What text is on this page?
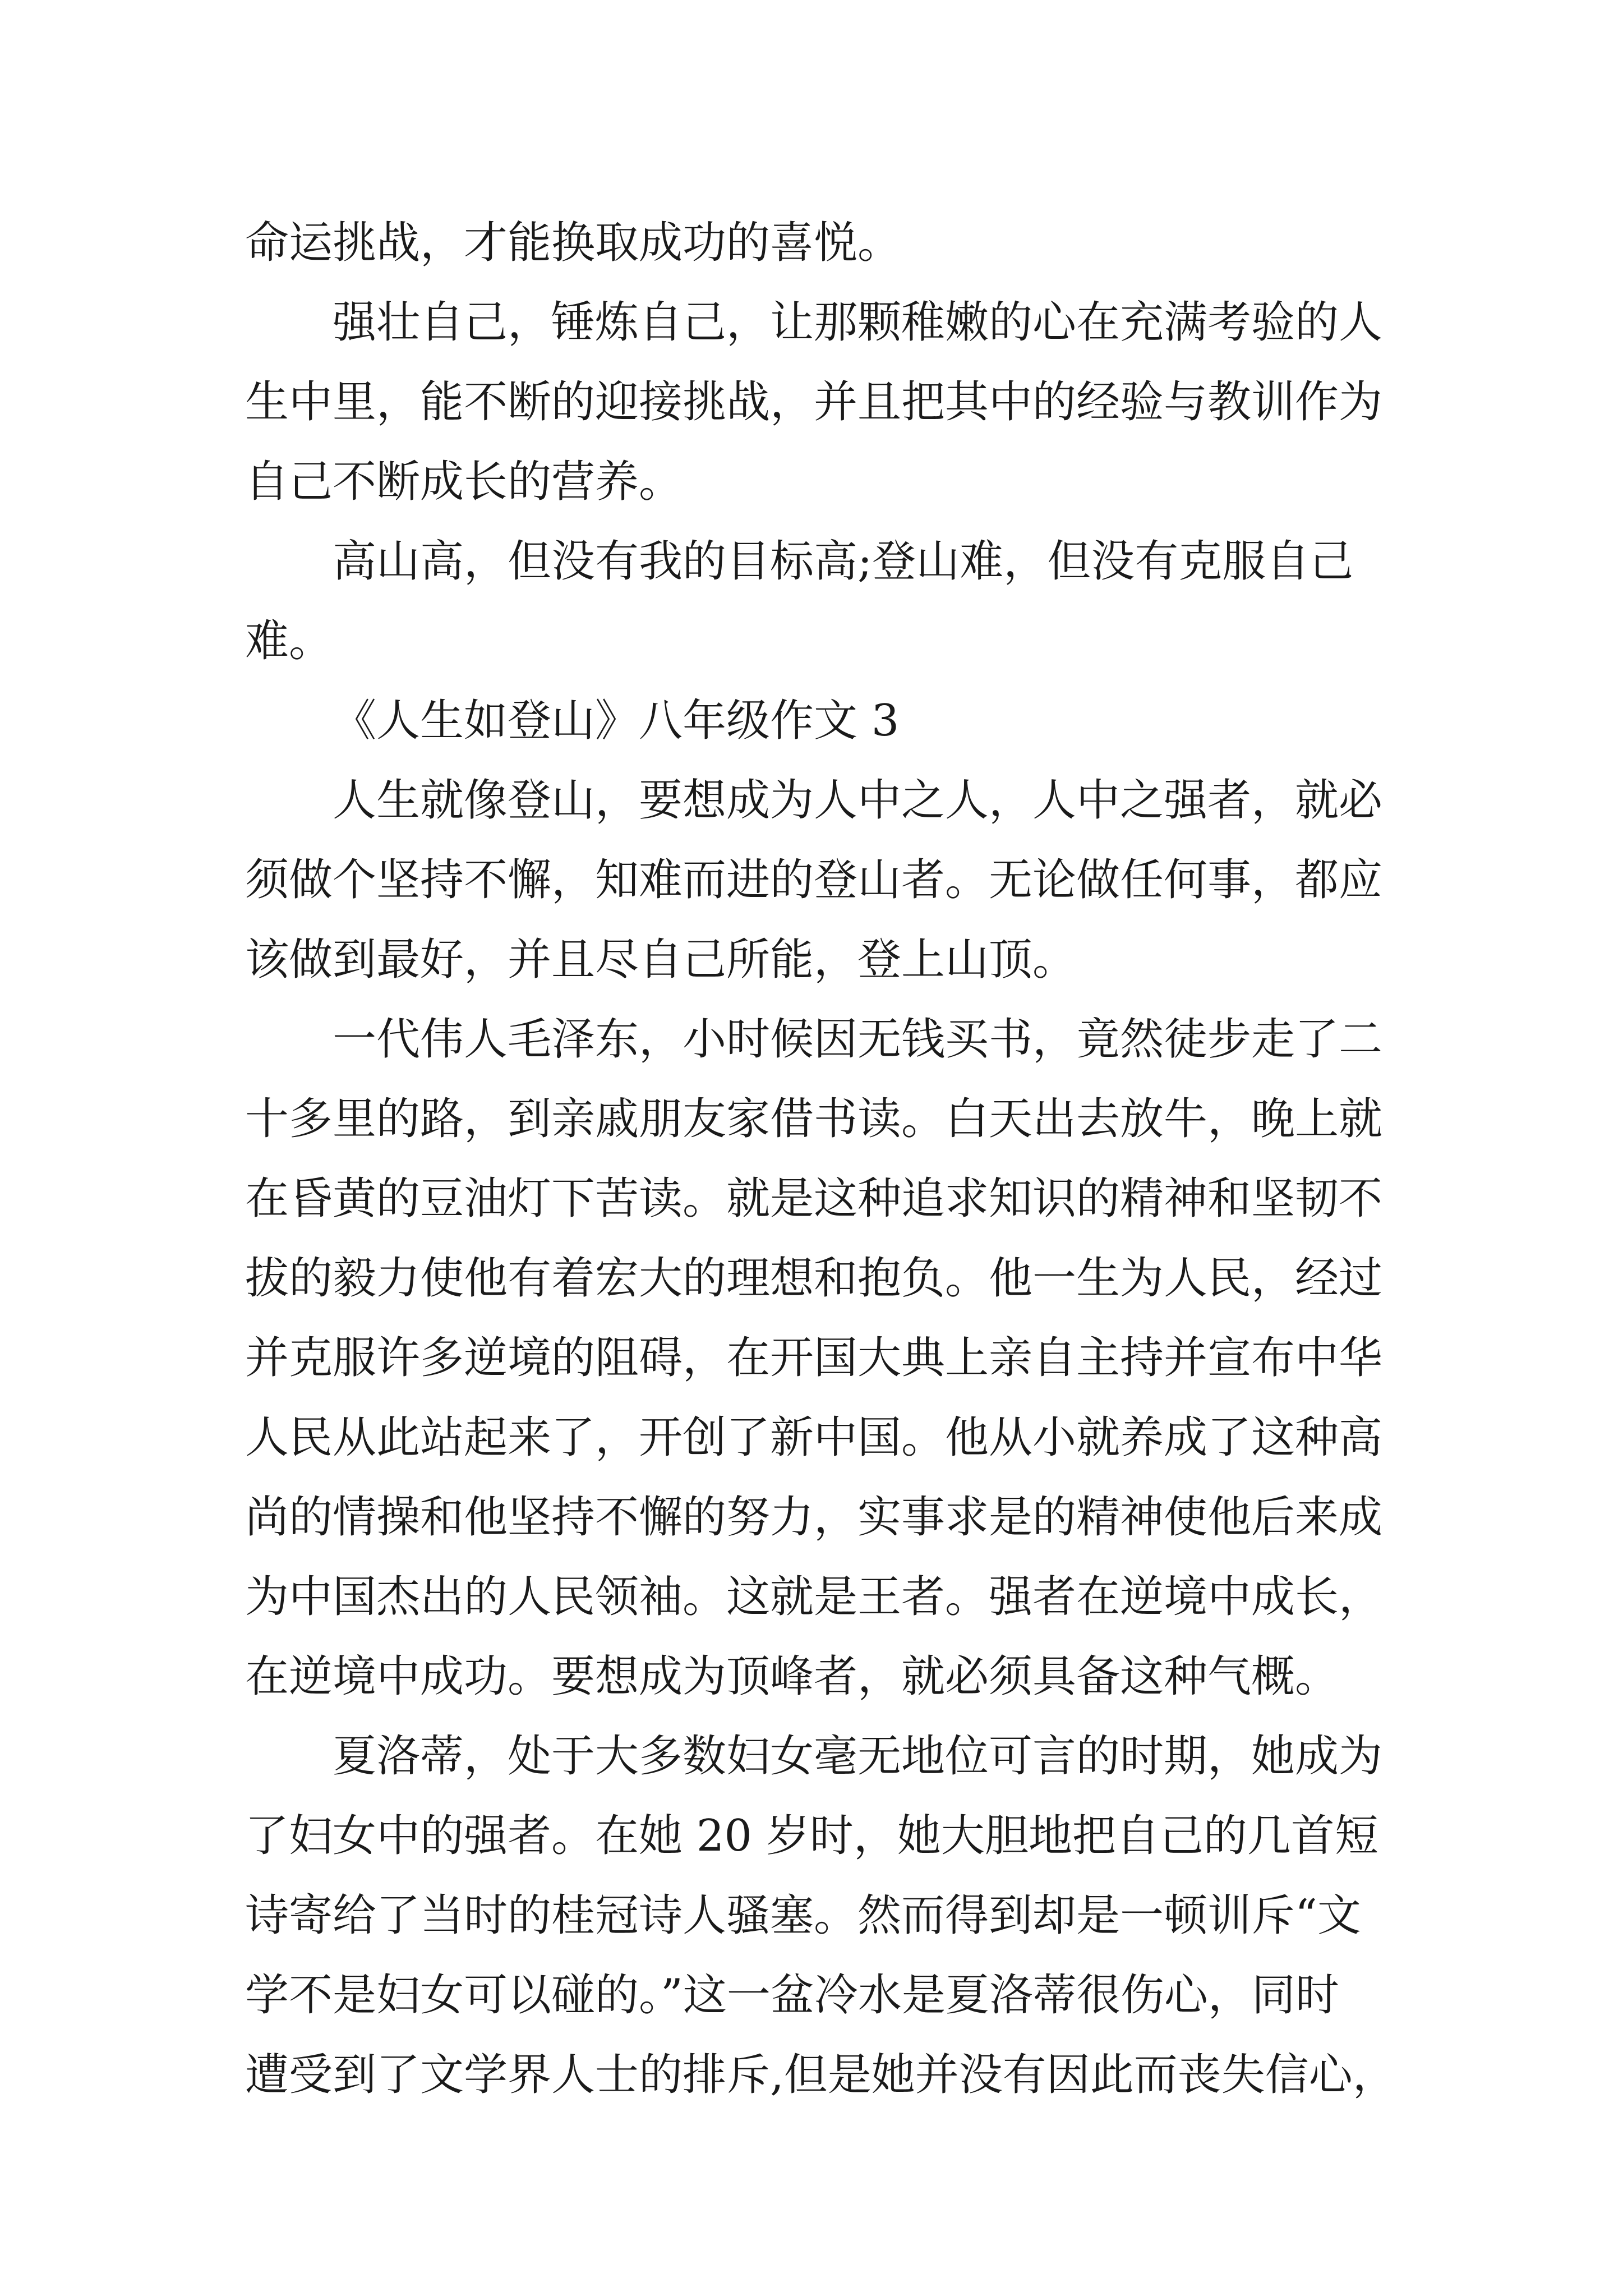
命运挑战，才能换取成功的喜悦。
强壮自己，锤炼自己，让那颗稚嫩的心在充满考验的人
生中里，能不断的迎接挑战，并且把其中的经验与教训作为
自己不断成长的营养。
高山高，但没有我的目标高;登山难，但没有克服自己
难。
《人生如登山》八年级作文 3
人生就像登山，要想成为人中之人，人中之强者，就必
须做个坚持不懈，知难而进的登山者。无论做任何事，都应
该做到最好，并且尽自己所能，登上山顶。
一代伟人毛泽东，小时候因无钱买书，竟然徒步走了二
十多里的路，到亲戚朋友家借书读。白天出去放牛，晚上就
在昏黄的豆油灯下苦读。就是这种追求知识的精神和坚韧不
拔的毅力使他有着宏大的理想和抱负。他一生为人民，经过
并克服许多逆境的阻碍，在开国大典上亲自主持并宣布中华
人民从此站起来了，开创了新中国。他从小就养成了这种高
尚的情操和他坚持不懈的努力，实事求是的精神使他后来成
为中国杰出的人民领袖。这就是王者。强者在逆境中成长，
在逆境中成功。要想成为顶峰者，就必须具备这种气概。
夏洛蒂，处于大多数妇女毫无地位可言的时期，她成为
了妇女中的强者。在她 20 岁时，她大胆地把自己的几首短
诗寄给了当时的桂冠诗人骚塞。然而得到却是一顿训斥“文
学不是妇女可以碰的。”这一盆冷水是夏洛蒂很伤心，同时
遭受到了文学界人士的排斥,但是她并没有因此而丧失信心，
